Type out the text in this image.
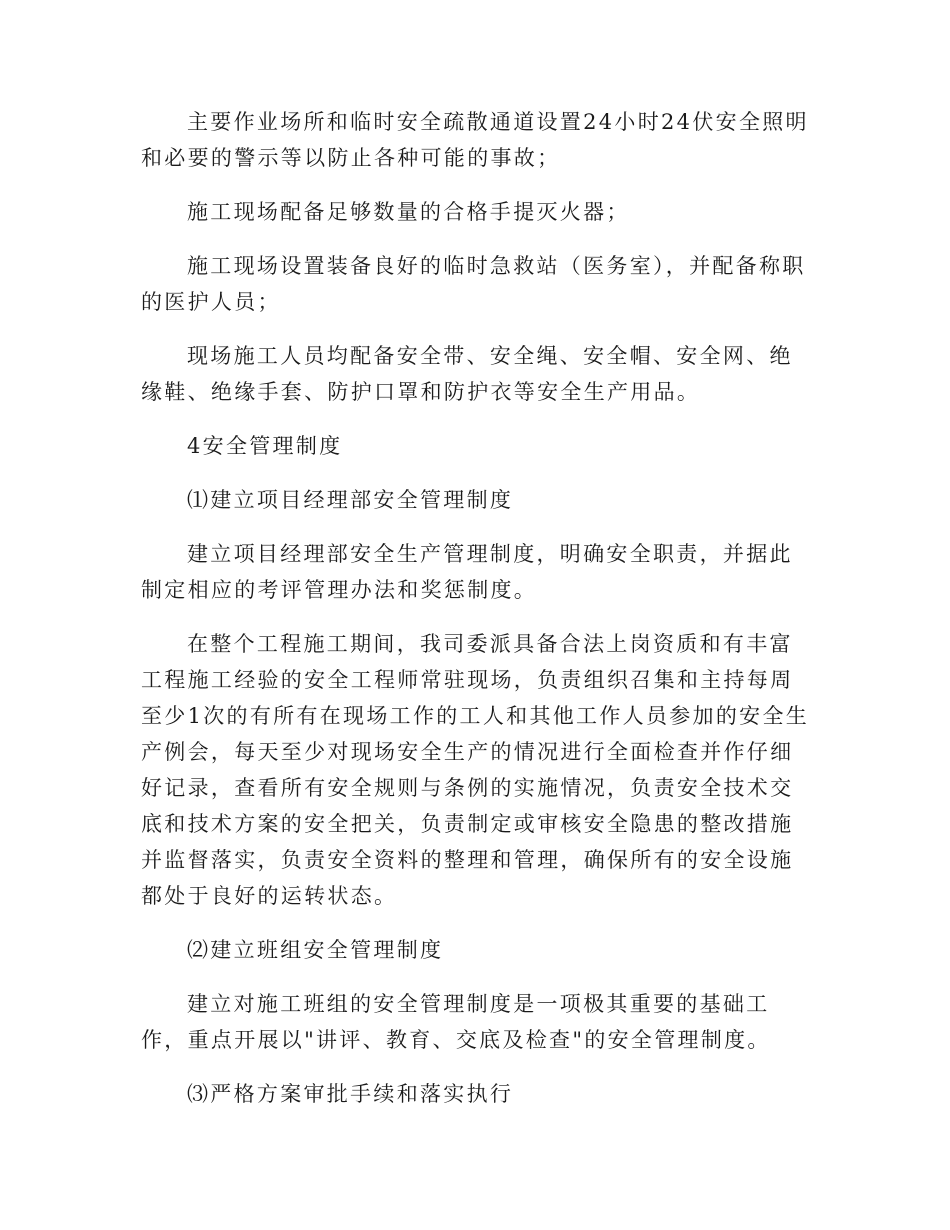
主要作业场所和临时安全疏散通道设置24小时24伏安全照明和必要的警示等以防止各种可能的事故；

施工现场配备足够数量的合格手提灭火器；

施工现场设置装备良好的临时急救站（医务室），并配备称职的医护人员；

现场施工人员均配备安全带、安全绳、安全帽、安全网、绝缘鞋、绝缘手套、防护口罩和防护衣等安全生产用品。

4安全管理制度

⑴建立项目经理部安全管理制度

建立项目经理部安全生产管理制度，明确安全职责，并据此制定相应的考评管理办法和奖惩制度。

在整个工程施工期间，我司委派具备合法上岗资质和有丰富工程施工经验的安全工程师常驻现场，负责组织召集和主持每周至少1次的有所有在现场工作的工人和其他工作人员参加的安全生产例会，每天至少对现场安全生产的情况进行全面检查并作仔细好记录，查看所有安全规则与条例的实施情况，负责安全技术交底和技术方案的安全把关，负责制定或审核安全隐患的整改措施并监督落实，负责安全资料的整理和管理，确保所有的安全设施都处于良好的运转状态。

⑵建立班组安全管理制度

建立对施工班组的安全管理制度是一项极其重要的基础工作，重点开展以"讲评、教育、交底及检查"的安全管理制度。

⑶严格方案审批手续和落实执行
